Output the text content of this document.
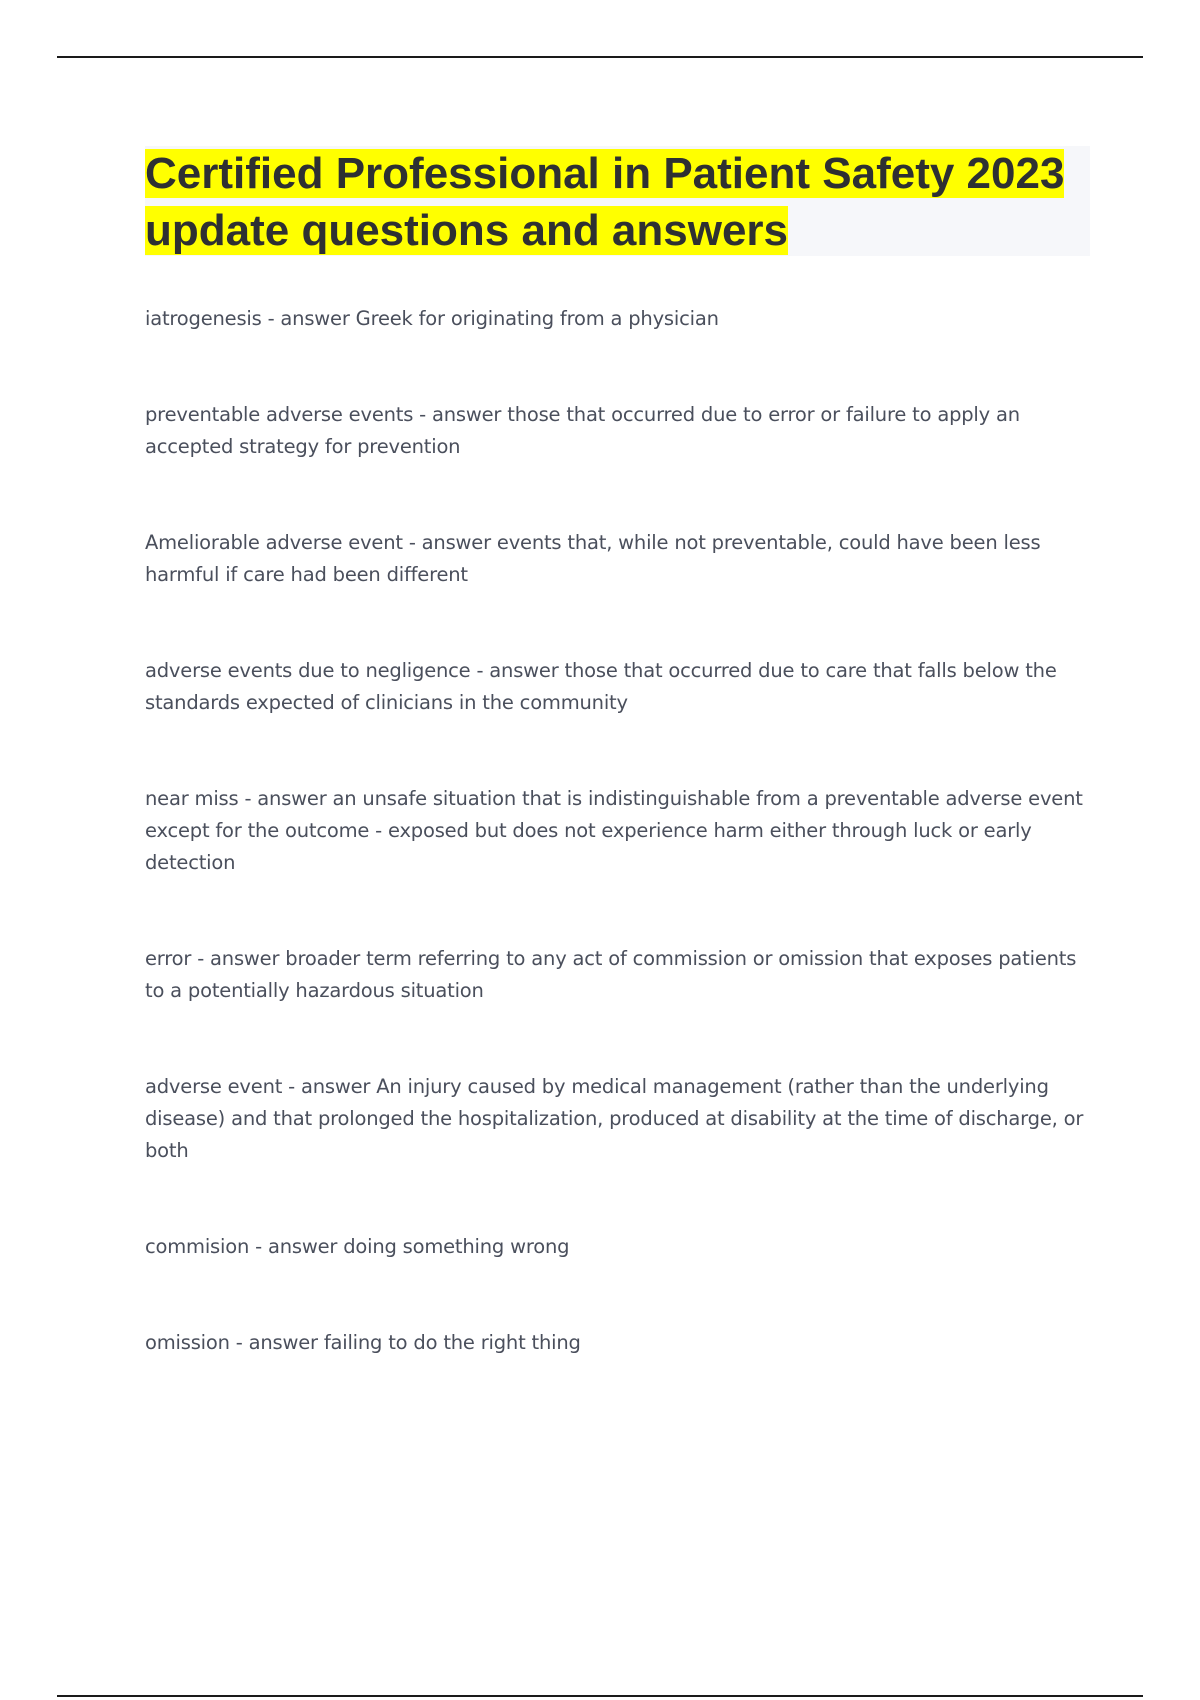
Certified Professional in Patient Safety 2023 update questions and answers
iatrogenesis - answer Greek for originating from a physician
preventable adverse events - answer those that occurred due to error or failure to apply an accepted strategy for prevention
Ameliorable adverse event - answer events that, while not preventable, could have been less harmful if care had been different
adverse events due to negligence - answer those that occurred due to care that falls below the standards expected of clinicians in the community
near miss - answer an unsafe situation that is indistinguishable from a preventable adverse event except for the outcome - exposed but does not experience harm either through luck or early detection
error - answer broader term referring to any act of commission or omission that exposes patients to a potentially hazardous situation
adverse event - answer An injury caused by medical management (rather than the underlying disease) and that prolonged the hospitalization, produced at disability at the time of discharge, or both
commision - answer doing something wrong
omission - answer failing to do the right thing
